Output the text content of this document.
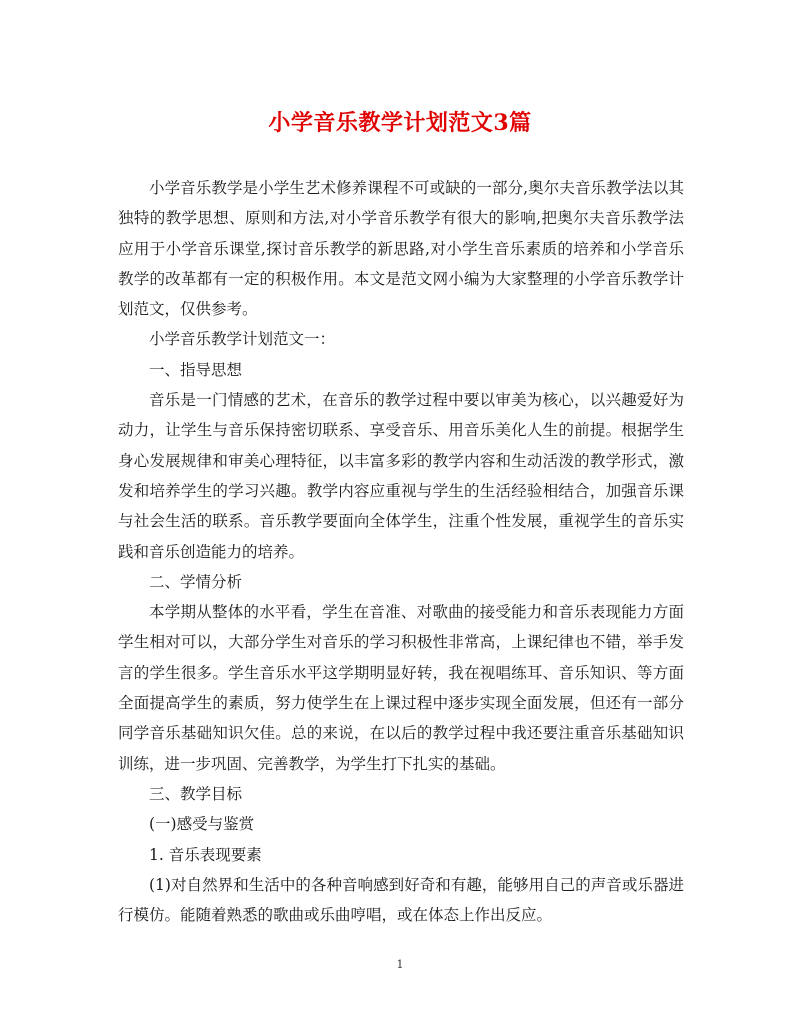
小学音乐教学计划范文3篇

小学音乐教学是小学生艺术修养课程不可或缺的一部分,奥尔夫音乐教学法以其独特的教学思想、原则和方法,对小学音乐教学有很大的影响,把奥尔夫音乐教学法应用于小学音乐课堂,探讨音乐教学的新思路,对小学生音乐素质的培养和小学音乐教学的改革都有一定的积极作用。本文是范文网小编为大家整理的小学音乐教学计划范文，仅供参考。

小学音乐教学计划范文一：

一、指导思想

音乐是一门情感的艺术，在音乐的教学过程中要以审美为核心，以兴趣爱好为动力，让学生与音乐保持密切联系、享受音乐、用音乐美化人生的前提。根据学生身心发展规律和审美心理特征，以丰富多彩的教学内容和生动活泼的教学形式，激发和培养学生的学习兴趣。教学内容应重视与学生的生活经验相结合，加强音乐课与社会生活的联系。音乐教学要面向全体学生，注重个性发展，重视学生的音乐实践和音乐创造能力的培养。

二、学情分析

本学期从整体的水平看，学生在音准、对歌曲的接受能力和音乐表现能力方面学生相对可以，大部分学生对音乐的学习积极性非常高，上课纪律也不错，举手发言的学生很多。学生音乐水平这学期明显好转，我在视唱练耳、音乐知识、等方面全面提高学生的素质，努力使学生在上课过程中逐步实现全面发展，但还有一部分同学音乐基础知识欠佳。总的来说，在以后的教学过程中我还要注重音乐基础知识训练，进一步巩固、完善教学，为学生打下扎实的基础。

三、教学目标

(一)感受与鉴赏

1. 音乐表现要素

(1)对自然界和生活中的各种音响感到好奇和有趣，能够用自己的声音或乐器进行模仿。能随着熟悉的歌曲或乐曲哼唱，或在体态上作出反应。

1
